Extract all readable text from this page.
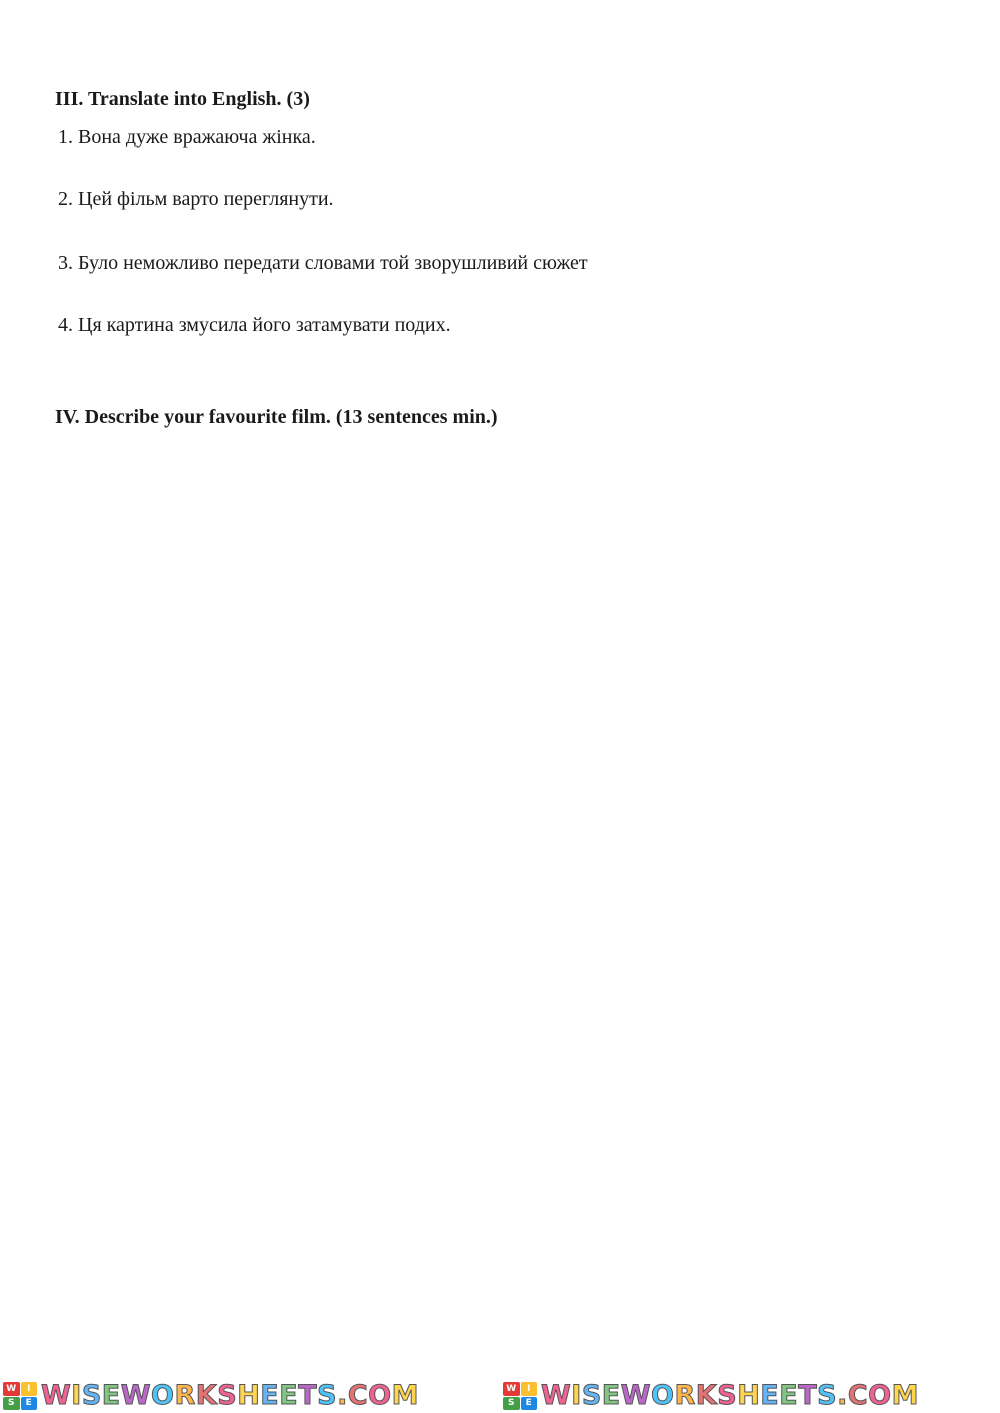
III. Translate into English. (3)
1. Вона дуже вражаюча жінка.
2. Цей фільм варто переглянути.
3. Було неможливо передати словами той зворушливий сюжет
4. Ця картина змусила його затамувати подих.
IV. Describe your favourite film. (13 sentences min.)
W	I
S	E WISEWORKSHEETS.COM	W	I
S	E WISEWORKSHEETS.COM
